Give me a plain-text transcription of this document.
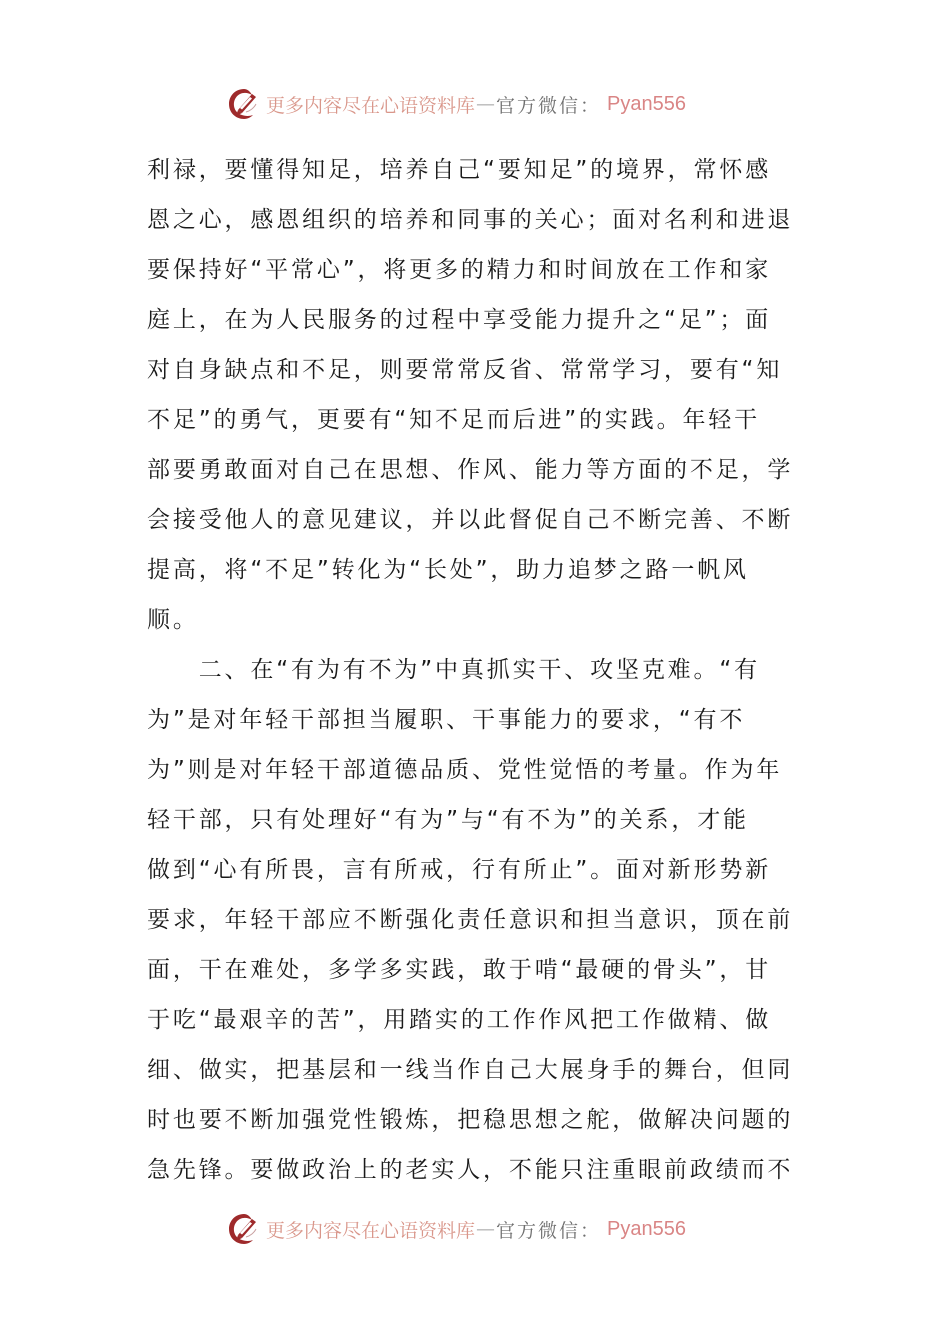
更多内容尽在心语资料库 — 官方微信： Pyan556
利禄，要懂得知足，培养自己“要知足”的境界，常怀感
恩之心，感恩组织的培养和同事的关心；面对名利和进退
要保持好“平常心”，将更多的精力和时间放在工作和家
庭上，在为人民服务的过程中享受能力提升之“足”；面
对自身缺点和不足，则要常常反省、常常学习，要有“知
不足”的勇气，更要有“知不足而后进”的实践。年轻干
部要勇敢面对自己在思想、作风、能力等方面的不足，学
会接受他人的意见建议，并以此督促自己不断完善、不断
提高，将“不足”转化为“长处”，助力追梦之路一帆风
顺。
　　二、在“有为有不为”中真抓实干、攻坚克难。“有
为”是对年轻干部担当履职、干事能力的要求，“有不
为”则是对年轻干部道德品质、党性觉悟的考量。作为年
轻干部，只有处理好“有为”与“有不为”的关系，才能
做到“心有所畏，言有所戒，行有所止”。面对新形势新
要求，年轻干部应不断强化责任意识和担当意识，顶在前
面，干在难处，多学多实践，敢于啃“最硬的骨头”，甘
于吃“最艰辛的苦”，用踏实的工作作风把工作做精、做
细、做实，把基层和一线当作自己大展身手的舞台，但同
时也要不断加强党性锻炼，把稳思想之舵，做解决问题的
急先锋。要做政治上的老实人，不能只注重眼前政绩而不
更多内容尽在心语资料库 — 官方微信： Pyan556
